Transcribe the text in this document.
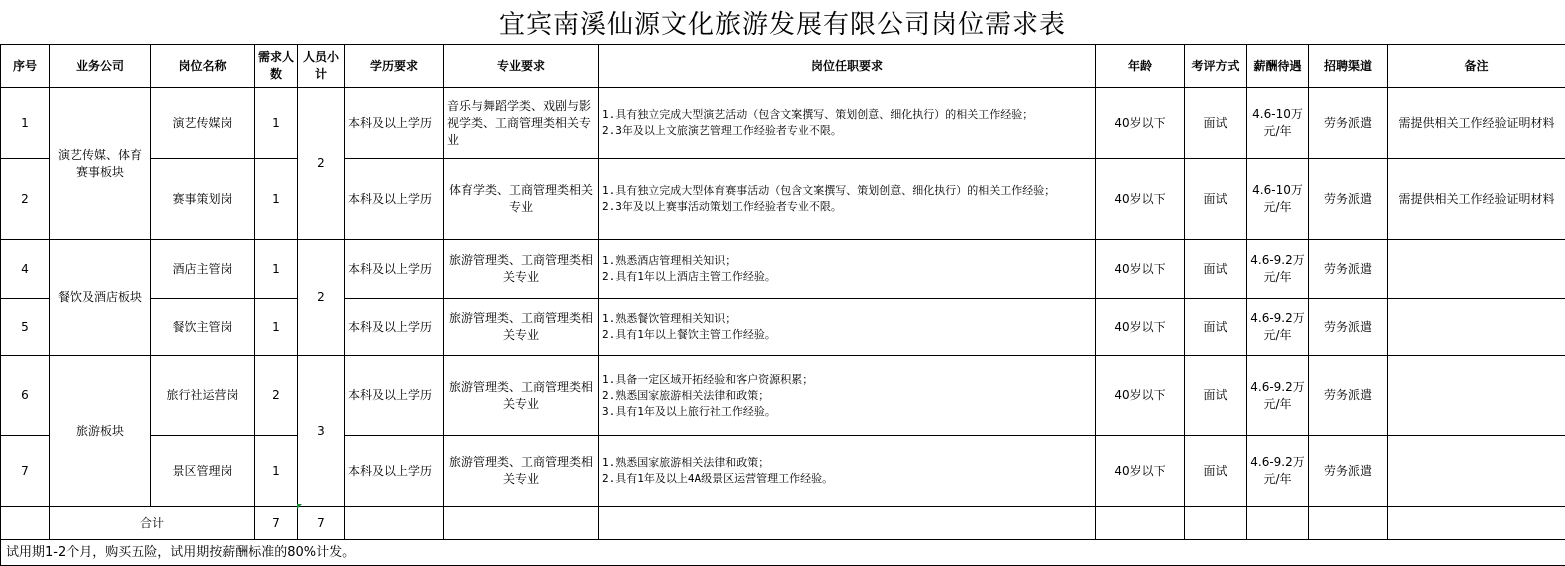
宜宾南溪仙源文化旅游发展有限公司岗位需求表
序号	业务公司	岗位名称	需求人数	人员小计	学历要求	专业要求	岗位任职要求	年龄	考评方式	薪酬待遇	招聘渠道	备注
1	演艺传媒、体育赛事板块	演艺传媒岗	1	2	本科及以上学历	音乐与舞蹈学类、戏剧与影视学类、工商管理类相关专业	1.具有独立完成大型演艺活动（包含文案撰写、策划创意、细化执行）的相关工作经验；
2.3年及以上文旅演艺管理工作经验者专业不限。	40岁以下	面试	4.6-10万元/年	劳务派遣	需提供相关工作经验证明材料
2		赛事策划岗	1		本科及以上学历	体育学类、工商管理类相关专业	1.具有独立完成大型体育赛事活动（包含文案撰写、策划创意、细化执行）的相关工作经验；
2.3年及以上赛事活动策划工作经验者专业不限。	40岁以下	面试	4.6-10万元/年	劳务派遣	需提供相关工作经验证明材料
4	餐饮及酒店板块	酒店主管岗	1	2	本科及以上学历	旅游管理类、工商管理类相关专业	1.熟悉酒店管理相关知识；
2.具有1年以上酒店主管工作经验。	40岁以下	面试	4.6-9.2万元/年	劳务派遣	
5		餐饮主管岗	1		本科及以上学历	旅游管理类、工商管理类相关专业	1.熟悉餐饮管理相关知识；
2.具有1年以上餐饮主管工作经验。	40岁以下	面试	4.6-9.2万元/年	劳务派遣	
6	旅游板块	旅行社运营岗	2	3	本科及以上学历	旅游管理类、工商管理类相关专业	1.具备一定区域开拓经验和客户资源积累；
2.熟悉国家旅游相关法律和政策；
3.具有1年及以上旅行社工作经验。	40岁以下	面试	4.6-9.2万元/年	劳务派遣	
7		景区管理岗	1		本科及以上学历	旅游管理类、工商管理类相关专业	1.熟悉国家旅游相关法律和政策；
2.具有1年及以上4A级景区运营管理工作经验。	40岁以下	面试	4.6-9.2万元/年	劳务派遣	
	合计		7	7								
试用期1-2个月，购买五险，试用期按薪酬标准的80%计发。												
